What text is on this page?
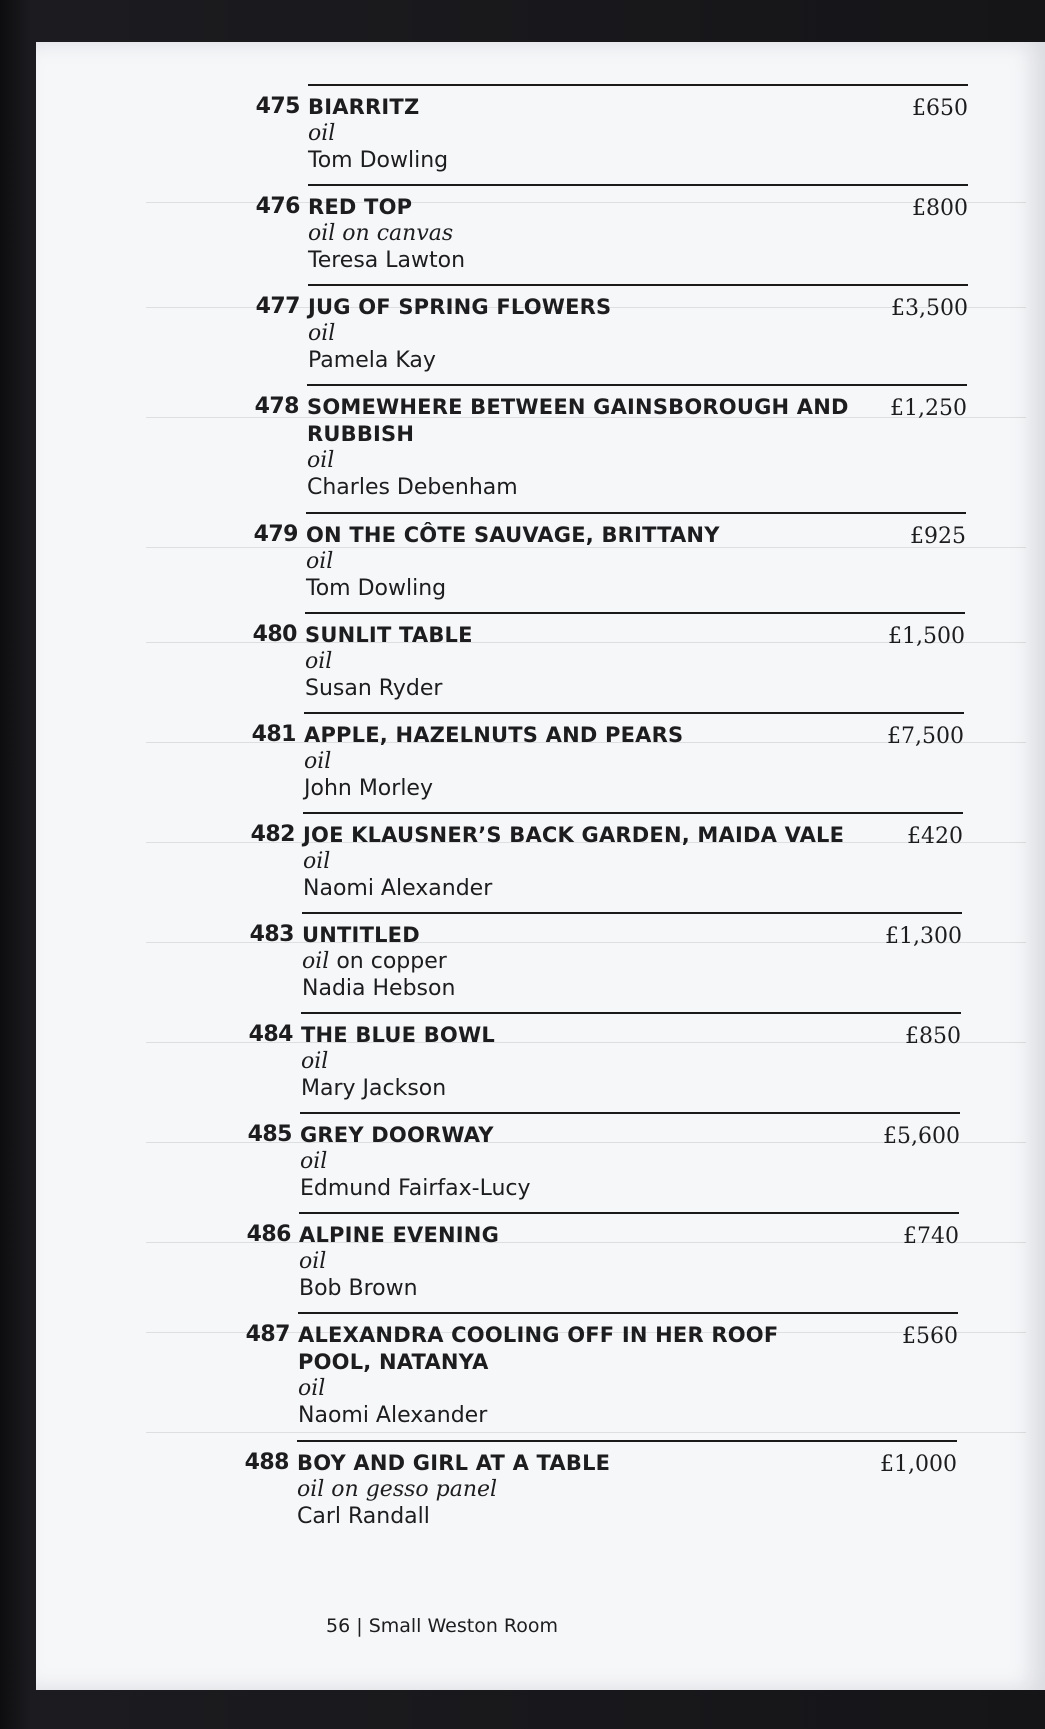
475 BIARRITZ
oil
Tom Dowling
£650
476 RED TOP
oil on canvas
Teresa Lawton
£800
477 JUG OF SPRING FLOWERS
oil
Pamela Kay
£3,500
478 SOMEWHERE BETWEEN GAINSBOROUGH AND RUBBISH
oil
Charles Debenham
£1,250
479 ON THE CÔTE SAUVAGE, BRITTANY
oil
Tom Dowling
£925
480 SUNLIT TABLE
oil
Susan Ryder
£1,500
481 APPLE, HAZELNUTS AND PEARS
oil
John Morley
£7,500
482 JOE KLAUSNER’S BACK GARDEN, MAIDA VALE
oil
Naomi Alexander
£420
483 UNTITLED
oil on copper
Nadia Hebson
£1,300
484 THE BLUE BOWL
oil
Mary Jackson
£850
485 GREY DOORWAY
oil
Edmund Fairfax-Lucy
£5,600
486 ALPINE EVENING
oil
Bob Brown
£740
487 ALEXANDRA COOLING OFF IN HER ROOF POOL, NATANYA
oil
Naomi Alexander
£560
488 BOY AND GIRL AT A TABLE
oil on gesso panel
Carl Randall
£1,000
56 | Small Weston Room
